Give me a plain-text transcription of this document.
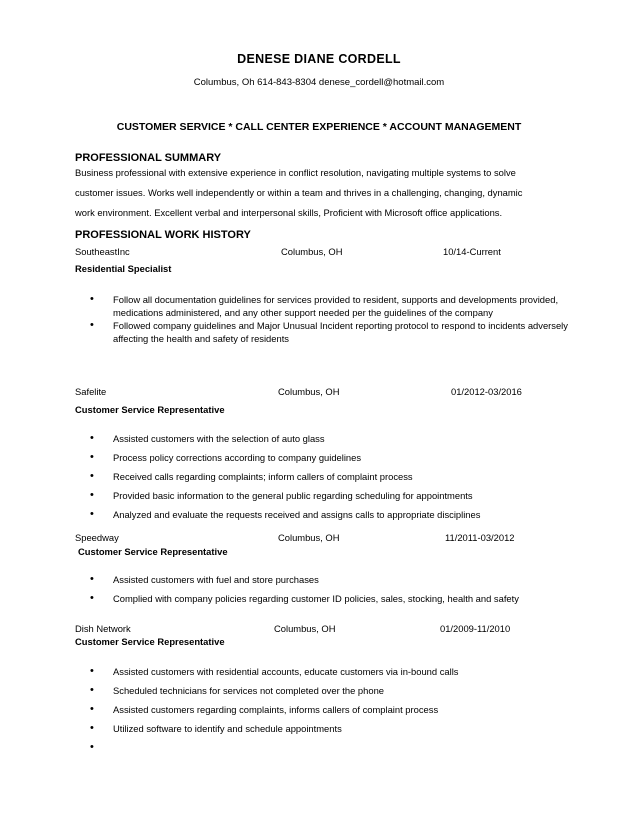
DENESE DIANE CORDELL
Columbus, Oh 614-843-8304 denese_cordell@hotmail.com
CUSTOMER SERVICE * CALL CENTER EXPERIENCE * ACCOUNT MANAGEMENT
PROFESSIONAL SUMMARY
Business professional with extensive experience in conflict resolution, navigating multiple systems to solve
customer issues. Works well independently or within a team and thrives in a challenging, changing, dynamic
work environment. Excellent verbal and interpersonal skills, Proficient with Microsoft office applications.
PROFESSIONAL WORK HISTORY
SoutheastInc	Columbus, OH	10/14-Current
Residential Specialist
• Follow all documentation guidelines for services provided to resident, supports and developments provided, medications administered, and any other support needed per the guidelines of the company
• Followed company guidelines and Major Unusual Incident reporting protocol to respond to incidents adversely affecting the health and safety of residents
Safelite	Columbus, OH	01/2012-03/2016
Customer Service Representative
• Assisted customers with the selection of auto glass
• Process policy corrections according to company guidelines
• Received calls regarding complaints; inform callers of complaint process
• Provided basic information to the general public regarding scheduling for appointments
• Analyzed and evaluate the requests received and assigns calls to appropriate disciplines
Speedway	Columbus, OH	11/2011-03/2012
Customer Service Representative
• Assisted customers with fuel and store purchases
• Complied with company policies regarding customer ID policies, sales, stocking, health and safety
Dish Network	Columbus, OH	01/2009-11/2010
Customer Service Representative
• Assisted customers with residential accounts, educate customers via in-bound calls
• Scheduled technicians for services not completed over the phone
• Assisted customers regarding complaints, informs callers of complaint process
• Utilized software to identify and schedule appointments
•
